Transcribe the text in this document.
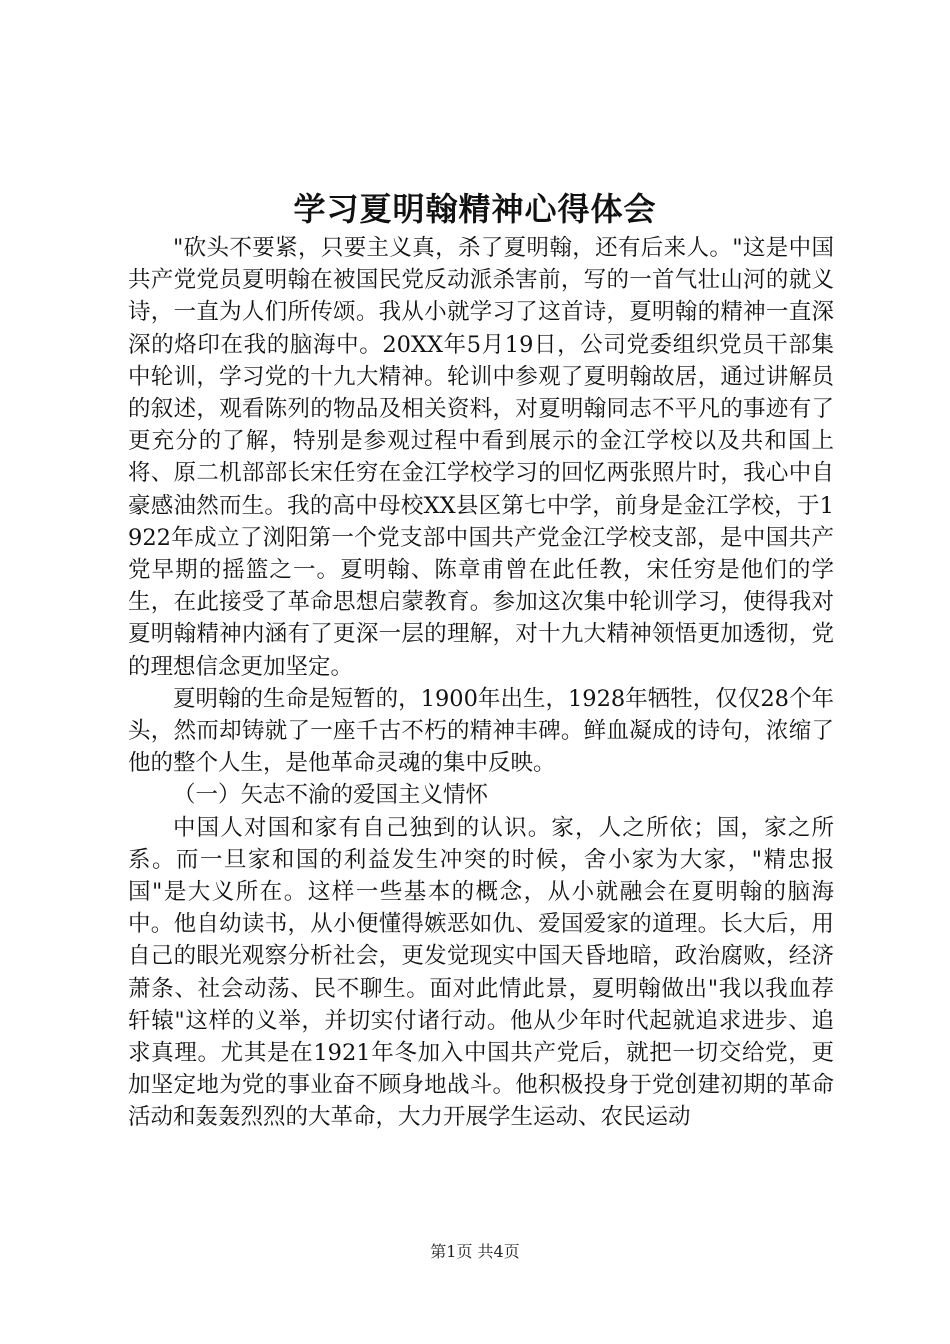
学习夏明翰精神心得体会

"砍头不要紧，只要主义真，杀了夏明翰，还有后来人。"这是中国共产党党员夏明翰在被国民党反动派杀害前，写的一首气壮山河的就义诗，一直为人们所传颂。我从小就学习了这首诗，夏明翰的精神一直深深的烙印在我的脑海中。20XX年5月19日，公司党委组织党员干部集中轮训，学习党的十九大精神。轮训中参观了夏明翰故居，通过讲解员的叙述，观看陈列的物品及相关资料，对夏明翰同志不平凡的事迹有了更充分的了解，特别是参观过程中看到展示的金江学校以及共和国上将、原二机部部长宋任穷在金江学校学习的回忆两张照片时，我心中自豪感油然而生。我的高中母校XX县区第七中学，前身是金江学校，于1922年成立了浏阳第一个党支部中国共产党金江学校支部，是中国共产党早期的摇篮之一。夏明翰、陈章甫曾在此任教，宋任穷是他们的学生，在此接受了革命思想启蒙教育。参加这次集中轮训学习，使得我对夏明翰精神内涵有了更深一层的理解，对十九大精神领悟更加透彻，党的理想信念更加坚定。

夏明翰的生命是短暂的，1900年出生，1928年牺牲，仅仅28个年头，然而却铸就了一座千古不朽的精神丰碑。鲜血凝成的诗句，浓缩了他的整个人生，是他革命灵魂的集中反映。

（一）矢志不渝的爱国主义情怀

中国人对国和家有自己独到的认识。家，人之所依；国，家之所系。而一旦家和国的利益发生冲突的时候，舍小家为大家，"精忠报国"是大义所在。这样一些基本的概念，从小就融会在夏明翰的脑海中。他自幼读书，从小便懂得嫉恶如仇、爱国爱家的道理。长大后，用自己的眼光观察分析社会，更发觉现实中国天昏地暗，政治腐败，经济萧条、社会动荡、民不聊生。面对此情此景，夏明翰做出"我以我血荐轩辕"这样的义举，并切实付诸行动。他从少年时代起就追求进步、追求真理。尤其是在1921年冬加入中国共产党后，就把一切交给党，更加坚定地为党的事业奋不顾身地战斗。他积极投身于党创建初期的革命活动和轰轰烈烈的大革命，大力开展学生运动、农民运动

第1页 共4页
